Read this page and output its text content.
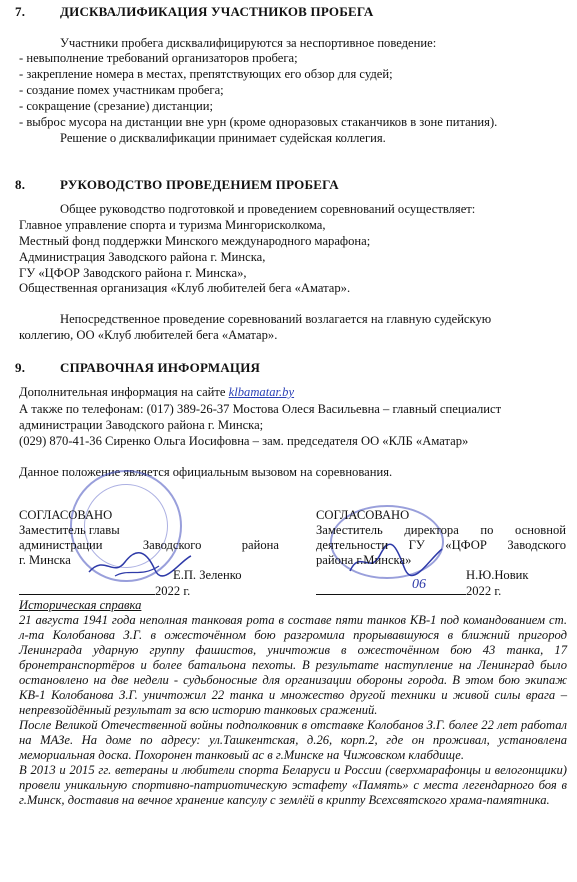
7.	ДИСКВАЛИФИКАЦИЯ УЧАСТНИКОВ ПРОБЕГА
Участники пробега дисквалифицируются за неспортивное поведение:
- невыполнение требований организаторов пробега;
- закрепление номера в местах, препятствующих его обзор для судей;
- создание помех участникам пробега;
- сокращение (срезание) дистанции;
- выброс мусора на дистанции вне урн (кроме одноразовых стаканчиков в зоне питания).
Решение о дисквалификации принимает судейская коллегия.
8.	РУКОВОДСТВО ПРОВЕДЕНИЕМ ПРОБЕГА
Общее руководство подготовкой и проведением соревнований осуществляет:
Главное управление спорта и туризма Мингорисколкома,
Местный фонд поддержки Минского международного марафона;
Администрация Заводского района г. Минска,
ГУ «ЦФОР Заводского района г. Минска»,
Общественная организация «Клуб любителей бега «Аматар».
Непосредственное проведение соревнований возлагается на главную судейскую
коллегию, ОО «Клуб любителей бега «Аматар».
9.	СПРАВОЧНАЯ ИНФОРМАЦИЯ
Дополнительная информация на сайте klbamatar.by
А также по телефонам: (017) 389-26-37 Мостова Олеся Васильевна – главный специалист
администрации Заводского района г. Минска;
(029) 870-41-36 Сиренко Ольга Иосифовна – зам. председателя ОО «КЛБ «Аматар»
Данное положение является официальным вызовом на соревнования.
СОГЛАСОВАНО
Заместитель главы
администрации	Заводского	района
г. Минска
Е.П. Зеленко
2022 г.
СОГЛАСОВАНО
Заместитель директора по основной
деятельности ГУ «ЦФОР Заводского
района г.Минска»
Н.Ю.Новик
06	2022 г.

Историческая справка

21 августа 1941 года неполная танковая рота в составе пяти танков КВ-1 под командованием ст. л-та Колобанова З.Г. в ожесточённом бою разгромила прорывавшуюся в ближний пригород Ленинграда ударную группу фашистов, уничтожив в ожесточённом бою 43 танка, 17 бронетранспортёров и более батальона пехоты. В результате наступление на Ленинград было остановлено на две недели - судьбоносные для организации обороны города. В этом бою экипаж КВ-1 Колобанова З.Г. уничтожил 22 танка и множество другой техники и живой силы врага – непревзойдённый результат за всю историю танковых сражений.

После Великой Отечественной войны подполковник в отставке Колобанов З.Г. более 22 лет работал на МАЗе. На доме по адресу: ул.Ташкентская, д.26, корп.2, где он проживал, установлена мемориальная доска. Похоронен танковый ас в г.Минске на Чижовском клабдище.

В 2013 и 2015 гг. ветераны и любители спорта Беларуси и России (сверхмарафонцы и велогонщики) провели уникальную спортивно-патриотическую эстафету «Память» с места легендарного боя в г.Минск, доставив на вечное хранение капсулу с землёй в крипту Всехсвятского храма-памятника.
